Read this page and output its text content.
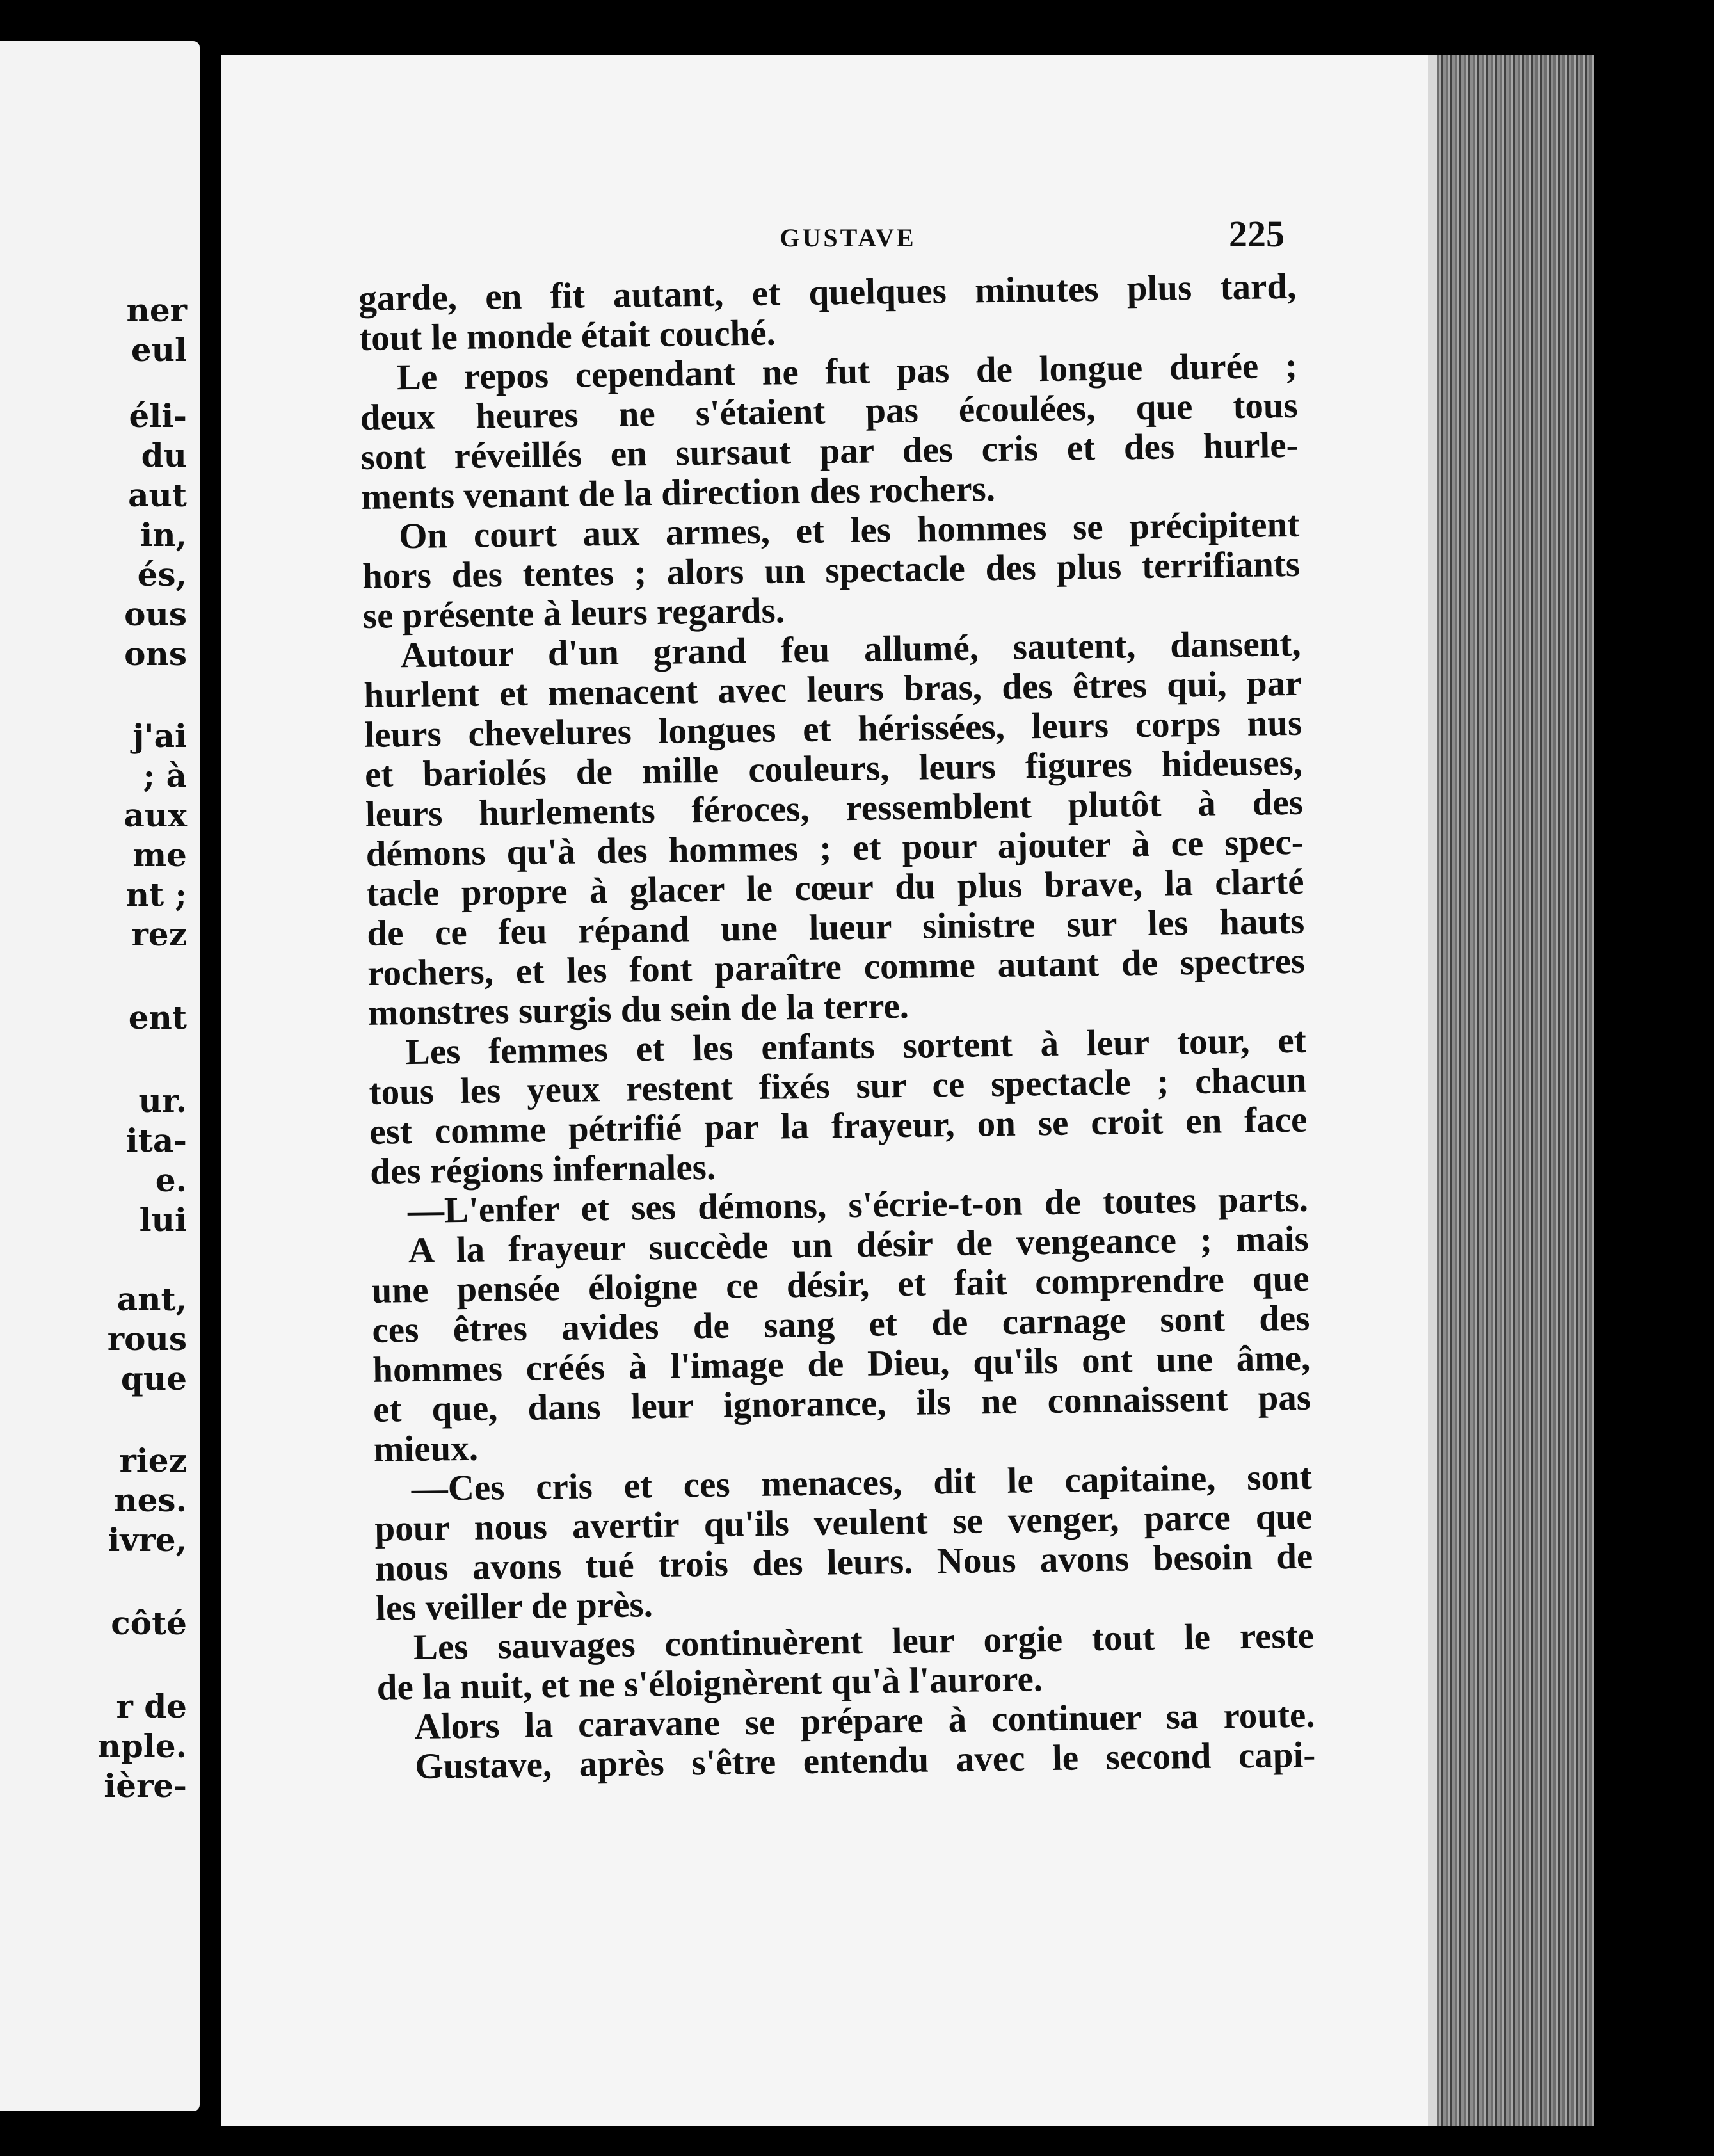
ner
eul
éli-
du
aut
in,
és,
ous
ons
j'ai
; à
aux
me
nt ;
rez
ent
ur.
ita-
e.
lui
ant,
rous
que
riez
nes.
ivre,
côté
r de
nple.
ière-
GUSTAVE	225
garde, en fit autant, et quelques minutes plus tard,
tout le monde était couché.
Le repos cependant ne fut pas de longue durée ;
deux heures ne s'étaient pas écoulées, que tous
sont réveillés en sursaut par des cris et des hurle-
ments venant de la direction des rochers.
On court aux armes, et les hommes se précipitent
hors des tentes ; alors un spectacle des plus terrifiants
se présente à leurs regards.
Autour d'un grand feu allumé, sautent, dansent,
hurlent et menacent avec leurs bras, des êtres qui, par
leurs chevelures longues et hérissées, leurs corps nus
et bariolés de mille couleurs, leurs figures hideuses,
leurs hurlements féroces, ressemblent plutôt à des
démons qu'à des hommes ; et pour ajouter à ce spec-
tacle propre à glacer le cœur du plus brave, la clarté
de ce feu répand une lueur sinistre sur les hauts
rochers, et les font paraître comme autant de spectres
monstres surgis du sein de la terre.
Les femmes et les enfants sortent à leur tour, et
tous les yeux restent fixés sur ce spectacle ; chacun
est comme pétrifié par la frayeur, on se croit en face
des régions infernales.
—L'enfer et ses démons, s'écrie-t-on de toutes parts.
A la frayeur succède un désir de vengeance ; mais
une pensée éloigne ce désir, et fait comprendre que
ces êtres avides de sang et de carnage sont des
hommes créés à l'image de Dieu, qu'ils ont une âme,
et que, dans leur ignorance, ils ne connaissent pas
mieux.
—Ces cris et ces menaces, dit le capitaine, sont
pour nous avertir qu'ils veulent se venger, parce que
nous avons tué trois des leurs. Nous avons besoin de
les veiller de près.
Les sauvages continuèrent leur orgie tout le reste
de la nuit, et ne s'éloignèrent qu'à l'aurore.
Alors la caravane se prépare à continuer sa route.
Gustave, après s'être entendu avec le second capi-
